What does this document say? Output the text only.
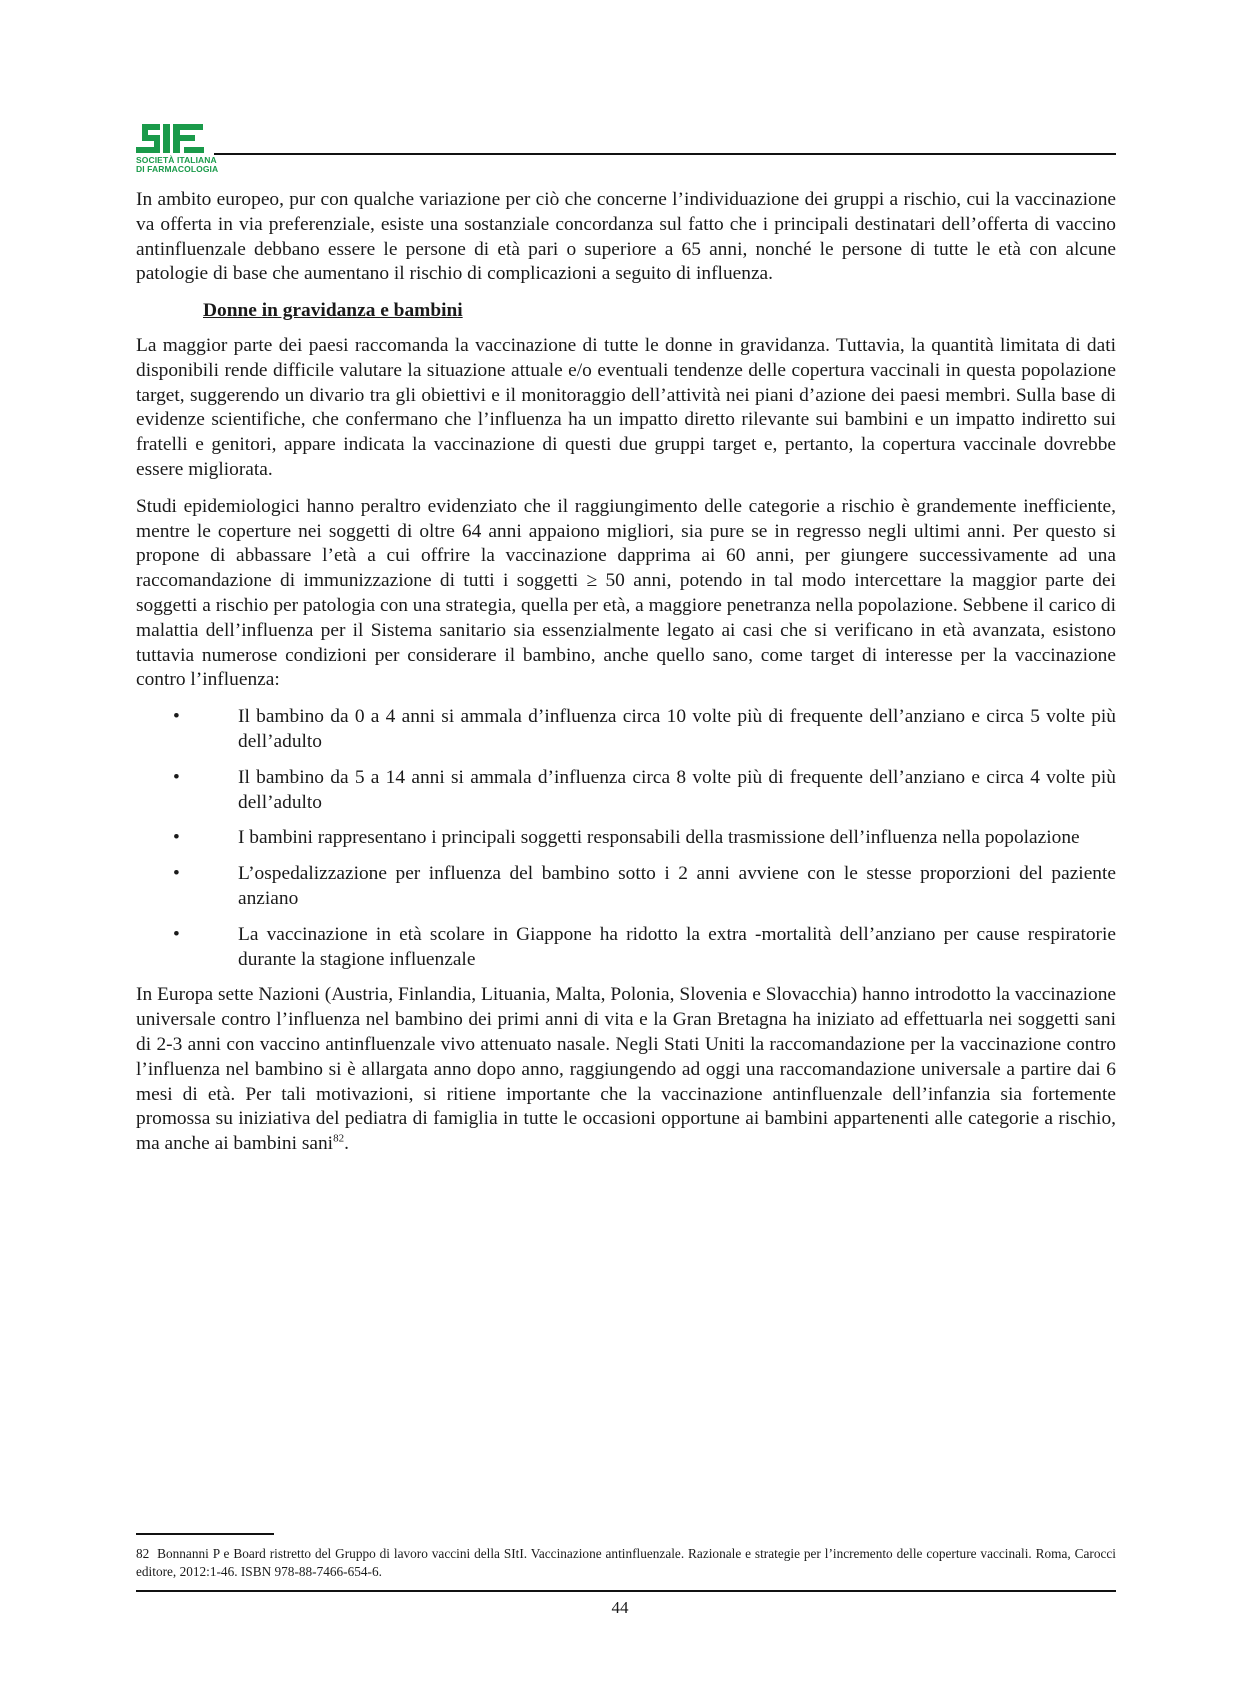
SOCIETÀ ITALIANA
DI FARMACOLOGIA

In ambito europeo, pur con qualche variazione per ciò che concerne l’individuazione dei gruppi a rischio, cui la vaccinazione va offerta in via preferenziale, esiste una sostanziale concordanza sul fatto che i principali destinatari dell’offerta di vaccino antinfluenzale debbano essere le persone di età pari o superiore a 65 anni, nonché le persone di tutte le età con alcune patologie di base che aumentano il rischio di complicazioni a seguito di influenza.

Donne in gravidanza e bambini

La maggior parte dei paesi raccomanda la vaccinazione di tutte le donne in gravidanza. Tuttavia, la quantità limitata di dati disponibili rende difficile valutare la situazione attuale e/o eventuali tendenze delle copertura vaccinali in questa popolazione target, suggerendo un divario tra gli obiettivi e il monitoraggio dell’attività nei piani d’azione dei paesi membri. Sulla base di evidenze scientifiche, che confermano che l’influenza ha un impatto diretto rilevante sui bambini e un impatto indiretto sui fratelli e genitori, appare indicata la vaccinazione di questi due gruppi target e, pertanto, la copertura vaccinale dovrebbe essere migliorata.

Studi epidemiologici hanno peraltro evidenziato che il raggiungimento delle categorie a rischio è grandemente inefficiente, mentre le coperture nei soggetti di oltre 64 anni appaiono migliori, sia pure se in regresso negli ultimi anni. Per questo si propone di abbassare l’età a cui offrire la vaccinazione dapprima ai 60 anni, per giungere successivamente ad una raccomandazione di immunizzazione di tutti i soggetti ≥ 50 anni, potendo in tal modo intercettare la maggior parte dei soggetti a rischio per patologia con una strategia, quella per età, a maggiore penetranza nella popolazione. Sebbene il carico di malattia dell’influenza per il Sistema sanitario sia essenzialmente legato ai casi che si verificano in età avanzata, esistono tuttavia numerose condizioni per considerare il bambino, anche quello sano, come target di interesse per la vaccinazione contro l’influenza:

•	Il bambino da 0 a 4 anni si ammala d’influenza circa 10 volte più di frequente dell’anziano e circa 5 volte più dell’adulto
•	Il bambino da 5 a 14 anni si ammala d’influenza circa 8 volte più di frequente dell’anziano e circa 4 volte più dell’adulto
•	I bambini rappresentano i principali soggetti responsabili della trasmissione dell’influenza nella popolazione
•	L’ospedalizzazione per influenza del bambino sotto i 2 anni avviene con le stesse proporzioni del paziente anziano
•	La vaccinazione in età scolare in Giappone ha ridotto la extra -mortalità dell’anziano per cause respiratorie durante la stagione influenzale

In Europa sette Nazioni (Austria, Finlandia, Lituania, Malta, Polonia, Slovenia e Slovacchia) hanno introdotto la vaccinazione universale contro l’influenza nel bambino dei primi anni di vita e la Gran Bretagna ha iniziato ad effettuarla nei soggetti sani di 2-3 anni con vaccino antinfluenzale vivo attenuato nasale. Negli Stati Uniti la raccomandazione per la vaccinazione contro l’influenza nel bambino si è allargata anno dopo anno, raggiungendo ad oggi una raccomandazione universale a partire dai 6 mesi di età. Per tali motivazioni, si ritiene importante che la vaccinazione antinfluenzale dell’infanzia sia fortemente promossa su iniziativa del pediatra di famiglia in tutte le occasioni opportune ai bambini appartenenti alle categorie a rischio, ma anche ai bambini sani$^{82}$.

82 Bonnanni P e Board ristretto del Gruppo di lavoro vaccini della SItI. Vaccinazione antinfluenzale. Razionale e strategie per l’incremento delle coperture vaccinali. Roma, Carocci editore, 2012:1-46. ISBN 978-88-7466-654-6.
44
